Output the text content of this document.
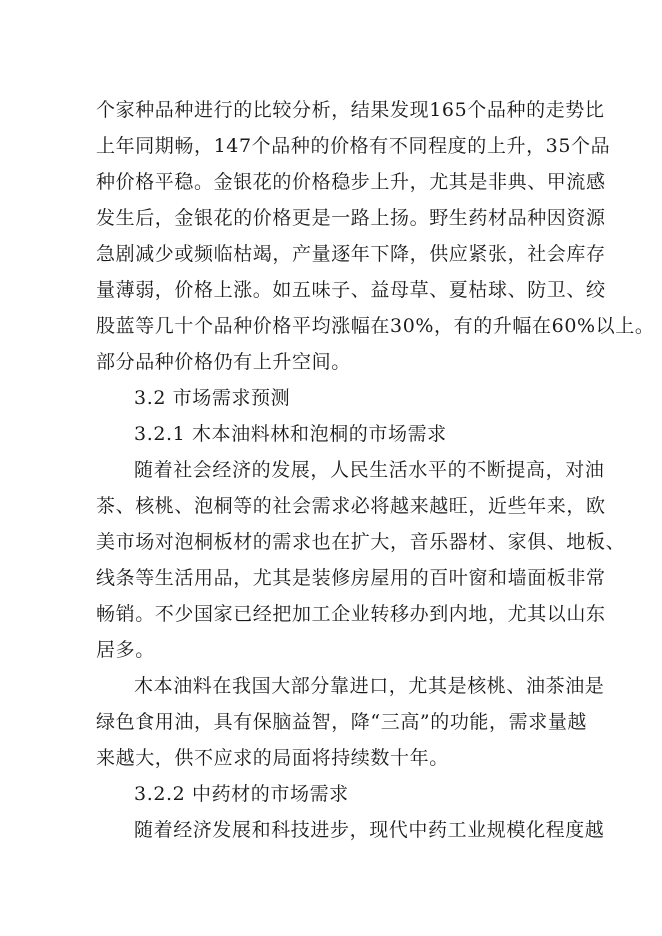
个家种品种进行的比较分析，结果发现165个品种的走势比
上年同期畅，147个品种的价格有不同程度的上升，35个品
种价格平稳。金银花的价格稳步上升，尤其是非典、甲流感
发生后，金银花的价格更是一路上扬。野生药材品种因资源
急剧减少或频临枯竭，产量逐年下降，供应紧张，社会库存
量薄弱，价格上涨。如五味子、益母草、夏枯球、防卫、绞
股蓝等几十个品种价格平均涨幅在30%，有的升幅在60%以上。
部分品种价格仍有上升空间。
3.2 市场需求预测
3.2.1 木本油料林和泡桐的市场需求
随着社会经济的发展，人民生活水平的不断提高，对油
茶、核桃、泡桐等的社会需求必将越来越旺，近些年来，欧
美市场对泡桐板材的需求也在扩大，音乐器材、家俱、地板、
线条等生活用品，尤其是装修房屋用的百叶窗和墙面板非常
畅销。不少国家已经把加工企业转移办到内地，尤其以山东
居多。
木本油料在我国大部分靠进口，尤其是核桃、油茶油是
绿色食用油，具有保脑益智，降“三高”的功能，需求量越
来越大，供不应求的局面将持续数十年。
3.2.2 中药材的市场需求
随着经济发展和科技进步，现代中药工业规模化程度越
